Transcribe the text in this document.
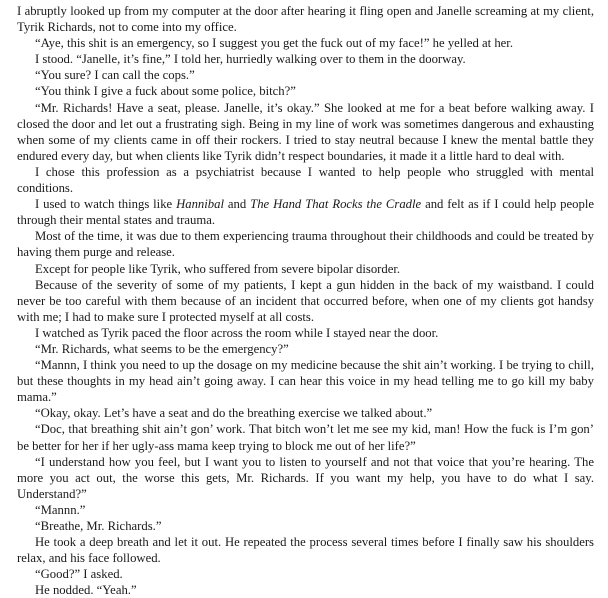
I abruptly looked up from my computer at the door after hearing it fling open and Janelle screaming at my client, Tyrik Richards, not to come into my office.

“Aye, this shit is an emergency, so I suggest you get the fuck out of my face!” he yelled at her.

I stood. “Janelle, it’s fine,” I told her, hurriedly walking over to them in the doorway.

“You sure? I can call the cops.”

“You think I give a fuck about some police, bitch?”

“Mr. Richards! Have a seat, please. Janelle, it’s okay.” She looked at me for a beat before walking away. I closed the door and let out a frustrating sigh. Being in my line of work was sometimes dangerous and exhausting when some of my clients came in off their rockers. I tried to stay neutral because I knew the mental battle they endured every day, but when clients like Tyrik didn’t respect boundaries, it made it a little hard to deal with.

I chose this profession as a psychiatrist because I wanted to help people who struggled with mental conditions.

I used to watch things like Hannibal and The Hand That Rocks the Cradle and felt as if I could help people through their mental states and trauma.

Most of the time, it was due to them experiencing trauma throughout their childhoods and could be treated by having them purge and release.

Except for people like Tyrik, who suffered from severe bipolar disorder.

Because of the severity of some of my patients, I kept a gun hidden in the back of my waistband. I could never be too careful with them because of an incident that occurred before, when one of my clients got handsy with me; I had to make sure I protected myself at all costs.

I watched as Tyrik paced the floor across the room while I stayed near the door.

“Mr. Richards, what seems to be the emergency?”

“Mannn, I think you need to up the dosage on my medicine because the shit ain’t working. I be trying to chill, but these thoughts in my head ain’t going away. I can hear this voice in my head telling me to go kill my baby mama.”

“Okay, okay. Let’s have a seat and do the breathing exercise we talked about.”

“Doc, that breathing shit ain’t gon’ work. That bitch won’t let me see my kid, man! How the fuck is I’m gon’ be better for her if her ugly-ass mama keep trying to block me out of her life?”

“I understand how you feel, but I want you to listen to yourself and not that voice that you’re hearing. The more you act out, the worse this gets, Mr. Richards. If you want my help, you have to do what I say. Understand?”

“Mannn.”

“Breathe, Mr. Richards.”

He took a deep breath and let it out. He repeated the process several times before I finally saw his shoulders relax, and his face followed.

“Good?” I asked.

He nodded. “Yeah.”
